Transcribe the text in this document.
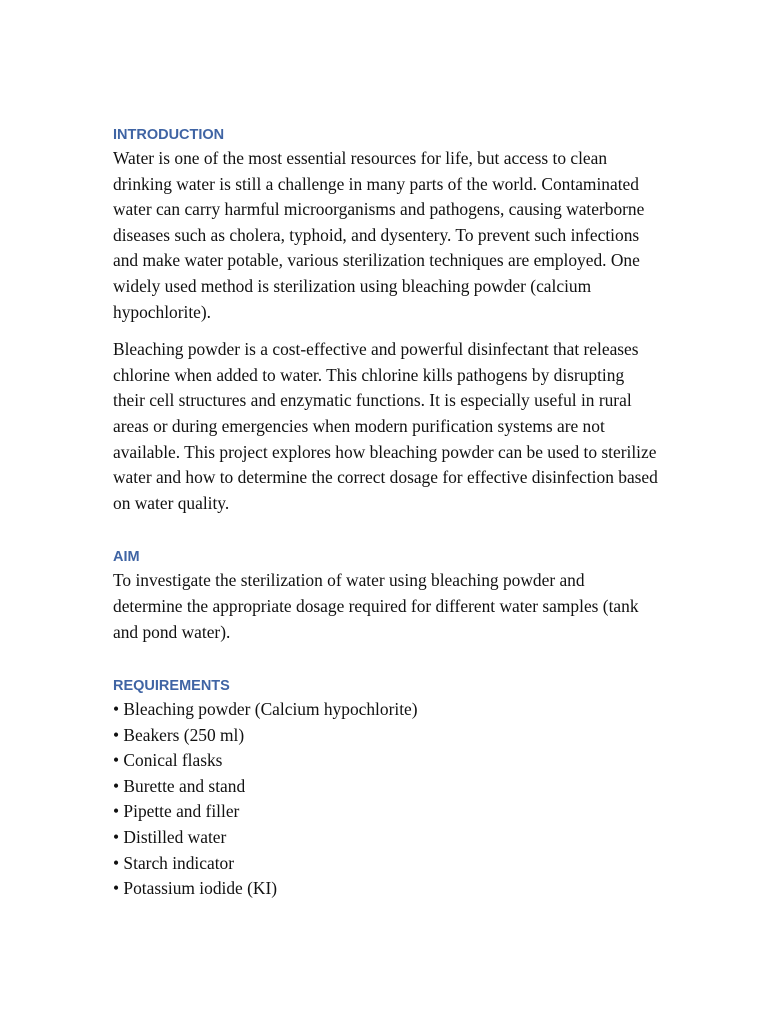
INTRODUCTION

Water is one of the most essential resources for life, but access to clean drinking water is still a challenge in many parts of the world. Contaminated water can carry harmful microorganisms and pathogens, causing waterborne diseases such as cholera, typhoid, and dysentery. To prevent such infections and make water potable, various sterilization techniques are employed. One widely used method is sterilization using bleaching powder (calcium hypochlorite).

Bleaching powder is a cost-effective and powerful disinfectant that releases chlorine when added to water. This chlorine kills pathogens by disrupting their cell structures and enzymatic functions. It is especially useful in rural areas or during emergencies when modern purification systems are not available. This project explores how bleaching powder can be used to sterilize water and how to determine the correct dosage for effective disinfection based on water quality.

AIM

To investigate the sterilization of water using bleaching powder and determine the appropriate dosage required for different water samples (tank and pond water).

REQUIREMENTS
• Bleaching powder (Calcium hypochlorite)
• Beakers (250 ml)
• Conical flasks
• Burette and stand
• Pipette and filler
• Distilled water
• Starch indicator
• Potassium iodide (KI)
